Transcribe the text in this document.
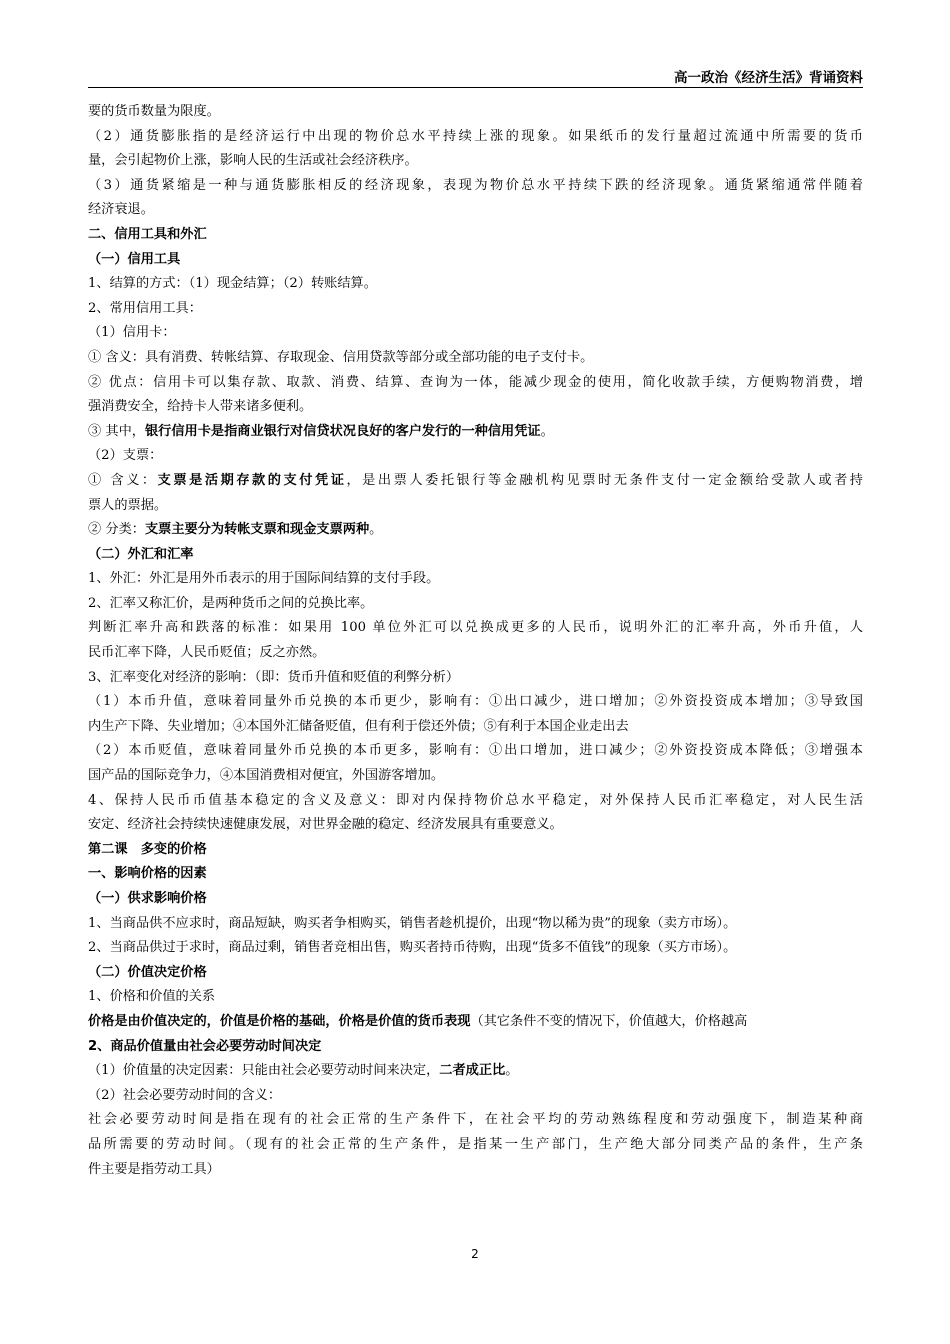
高一政治《经济生活》背诵资料
要的货币数量为限度。
（2）通货膨胀指的是经济运行中出现的物价总水平持续上涨的现象。如果纸币的发行量超过流通中所需要的货币
量，会引起物价上涨，影响人民的生活或社会经济秩序。
（3）通货紧缩是一种与通货膨胀相反的经济现象，表现为物价总水平持续下跌的经济现象。通货紧缩通常伴随着
经济衰退。
二、信用工具和外汇
（一）信用工具
1、结算的方式：（1）现金结算；（2）转账结算。
2、常用信用工具：
（1）信用卡：
① 含义：具有消费、转帐结算、存取现金、信用贷款等部分或全部功能的电子支付卡。
② 优点：信用卡可以集存款、取款、消费、结算、查询为一体，能减少现金的使用，简化收款手续，方便购物消费，增
强消费安全，给持卡人带来诸多便利。
③ 其中，银行信用卡是指商业银行对信贷状况良好的客户发行的一种信用凭证。
（2）支票：
① 含义：支票是活期存款的支付凭证，是出票人委托银行等金融机构见票时无条件支付一定金额给受款人或者持
票人的票据。
② 分类：支票主要分为转帐支票和现金支票两种。
（二）外汇和汇率
1、外汇：外汇是用外币表示的用于国际间结算的支付手段。
2、汇率又称汇价，是两种货币之间的兑换比率。
判断汇率升高和跌落的标准：如果用 100 单位外汇可以兑换成更多的人民币，说明外汇的汇率升高，外币升值，人
民币汇率下降，人民币贬值；反之亦然。
3、汇率变化对经济的影响：（即：货币升值和贬值的利弊分析）
（1）本币升值，意味着同量外币兑换的本币更少，影响有：①出口减少，进口增加；②外资投资成本增加；③导致国
内生产下降、失业增加；④本国外汇储备贬值，但有利于偿还外债；⑤有利于本国企业走出去
（2）本币贬值，意味着同量外币兑换的本币更多，影响有：①出口增加，进口减少；②外资投资成本降低；③增强本
国产品的国际竞争力，④本国消费相对便宜，外国游客增加。
4、保持人民币币值基本稳定的含义及意义：即对内保持物价总水平稳定，对外保持人民币汇率稳定，对人民生活
安定、经济社会持续快速健康发展，对世界金融的稳定、经济发展具有重要意义。
第二课　多变的价格
一、影响价格的因素
（一）供求影响价格
1、当商品供不应求时，商品短缺，购买者争相购买，销售者趁机提价，出现“物以稀为贵”的现象（卖方市场）。
2、当商品供过于求时，商品过剩，销售者竞相出售，购买者持币待购，出现“货多不值钱”的现象（买方市场）。
（二）价值决定价格
1、价格和价值的关系
价格是由价值决定的，价值是价格的基础，价格是价值的货币表现（其它条件不变的情况下，价值越大，价格越高
2、商品价值量由社会必要劳动时间决定
（1）价值量的决定因素：只能由社会必要劳动时间来决定，二者成正比。
（2）社会必要劳动时间的含义：
社会必要劳动时间是指在现有的社会正常的生产条件下，在社会平均的劳动熟练程度和劳动强度下，制造某种商
品所需要的劳动时间。（现有的社会正常的生产条件，是指某一生产部门，生产绝大部分同类产品的条件，生产条
件主要是指劳动工具）
2
